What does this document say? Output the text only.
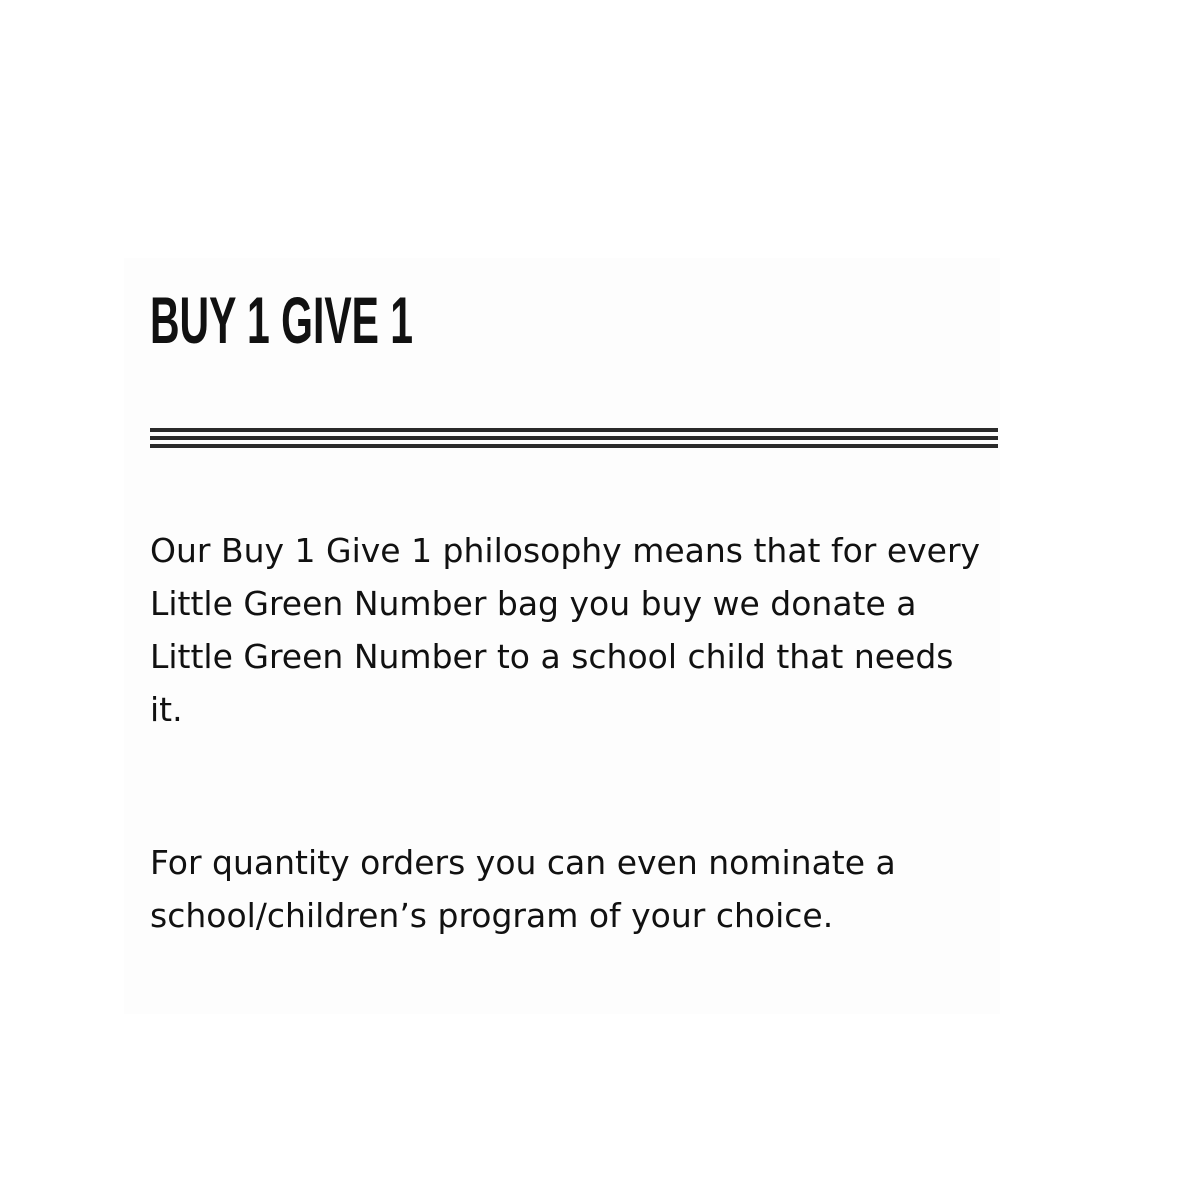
BUY 1 GIVE 1

Our Buy 1 Give 1 philosophy means that for every Little Green Number bag you buy we donate a Little Green Number to a school child that needs it.

For quantity orders you can even nominate a school/children’s program of your choice.
